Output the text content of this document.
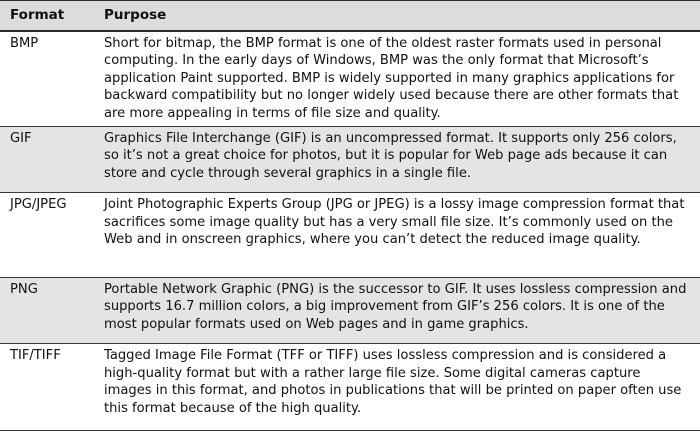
Format	Purpose
BMP	Short for bitmap, the BMP format is one of the oldest raster formats used in personal computing. In the early days of Windows, BMP was the only format that Microsoft’s application Paint supported. BMP is widely supported in many graphics applications for backward compatibility but no longer widely used because there are other formats that are more appealing in terms of file size and quality.
GIF	Graphics File Interchange (GIF) is an uncompressed format. It supports only 256 colors, so it’s not a great choice for photos, but it is popular for Web page ads because it can store and cycle through several graphics in a single file.
JPG/JPEG	Joint Photographic Experts Group (JPG or JPEG) is a lossy image compression format that sacrifices some image quality but has a very small file size. It’s commonly used on the Web and in onscreen graphics, where you can’t detect the reduced image quality.
PNG	Portable Network Graphic (PNG) is the successor to GIF. It uses lossless compression and supports 16.7 million colors, a big improvement from GIF’s 256 colors. It is one of the most popular formats used on Web pages and in game graphics.
TIF/TIFF	Tagged Image File Format (TFF or TIFF) uses lossless compression and is considered a high-quality format but with a rather large file size. Some digital cameras capture images in this format, and photos in publications that will be printed on paper often use this format because of the high quality.
